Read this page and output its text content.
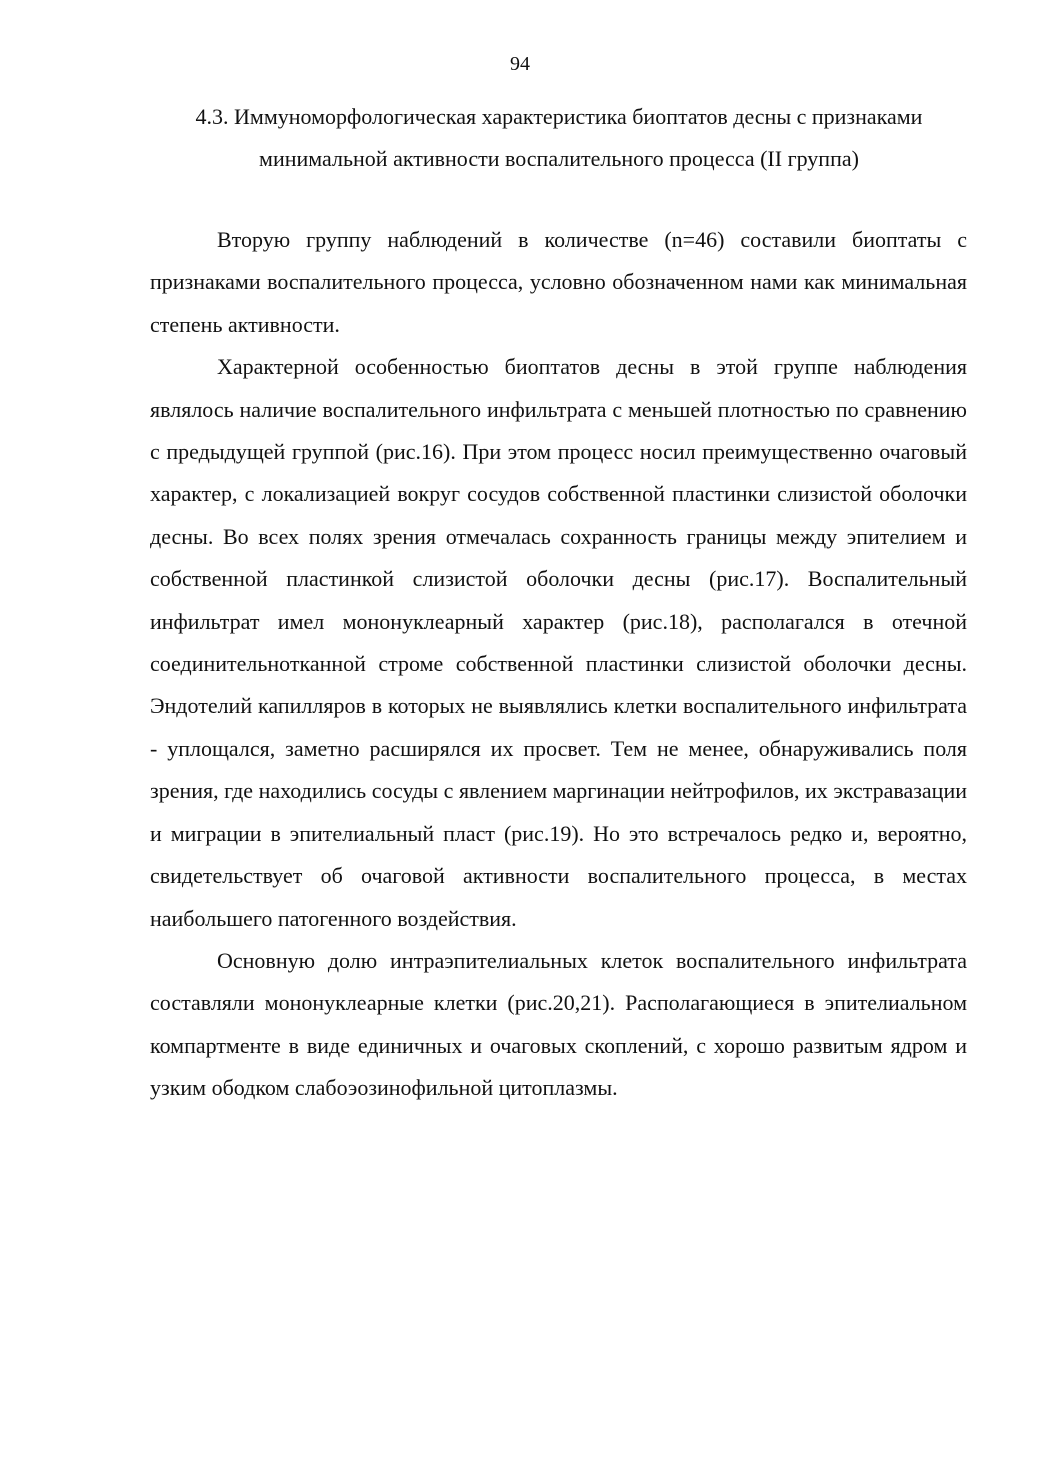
94
4.3. Иммуноморфологическая характеристика биоптатов десны с признаками
минимальной активности воспалительного процесса (II группа)

Вторую группу наблюдений в количестве (n=46) составили биоптаты с признаками воспалительного процесса, условно обозначенном нами как минимальная степень активности.

Характерной особенностью биоптатов десны в этой группе наблюдения являлось наличие воспалительного инфильтрата с меньшей плотностью по сравнению с предыдущей группой (рис.16). При этом процесс носил преимущественно очаговый характер, с локализацией вокруг сосудов собственной пластинки слизистой оболочки десны. Во всех полях зрения отмечалась сохранность границы между эпителием и собственной пластинкой слизистой оболочки десны (рис.17). Воспалительный инфильтрат имел мононуклеарный характер (рис.18), располагался в отечной соединительнотканной строме собственной пластинки слизистой оболочки десны. Эндотелий капилляров в которых не выявлялись клетки воспалительного инфильтрата - уплощался, заметно расширялся их просвет. Тем не менее, обнаруживались поля зрения, где находились сосуды с явлением маргинации нейтрофилов, их экстравазации и миграции в эпителиальный пласт (рис.19). Но это встречалось редко и, вероятно, свидетельствует об очаговой активности воспалительного процесса, в местах наибольшего патогенного воздействия.

Основную долю интраэпителиальных клеток воспалительного инфильтрата составляли мононуклеарные клетки (рис.20,21). Располагающиеся в эпителиальном компартменте в виде единичных и очаговых скоплений, с хорошо развитым ядром и узким ободком слабоэозинофильной цитоплазмы.
